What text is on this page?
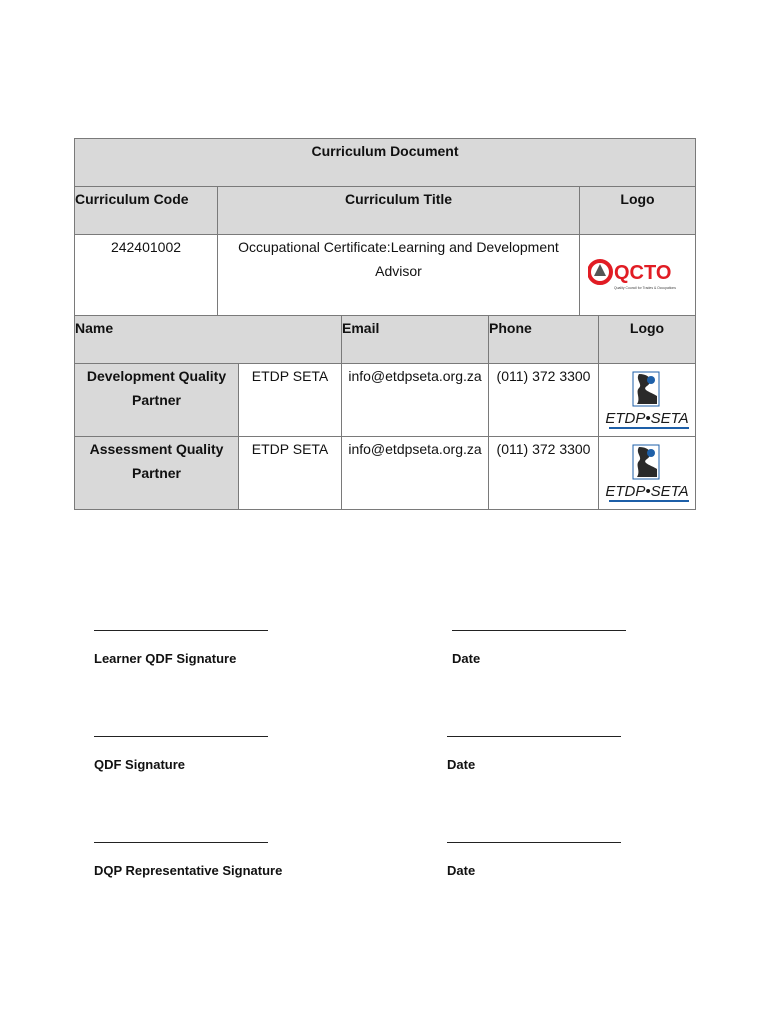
Curriculum Document		
Curriculum Code	Curriculum Title	Logo
242401002	Occupational Certificate:Learning and Development Advisor	QCTO
Quality Council for Trades & Occupations
Name		Email	Phone	Logo
Development Quality Partner	ETDP SETA	info@etdpseta.org.za	(011) 372 3300	ETDP•SETA

Assessment Quality Partner	ETDP SETA	info@etdpseta.org.za	(011) 372 3300	ETDP•SETA
Learner QDF Signature	Date
QDF Signature	Date
DQP Representative Signature	Date
